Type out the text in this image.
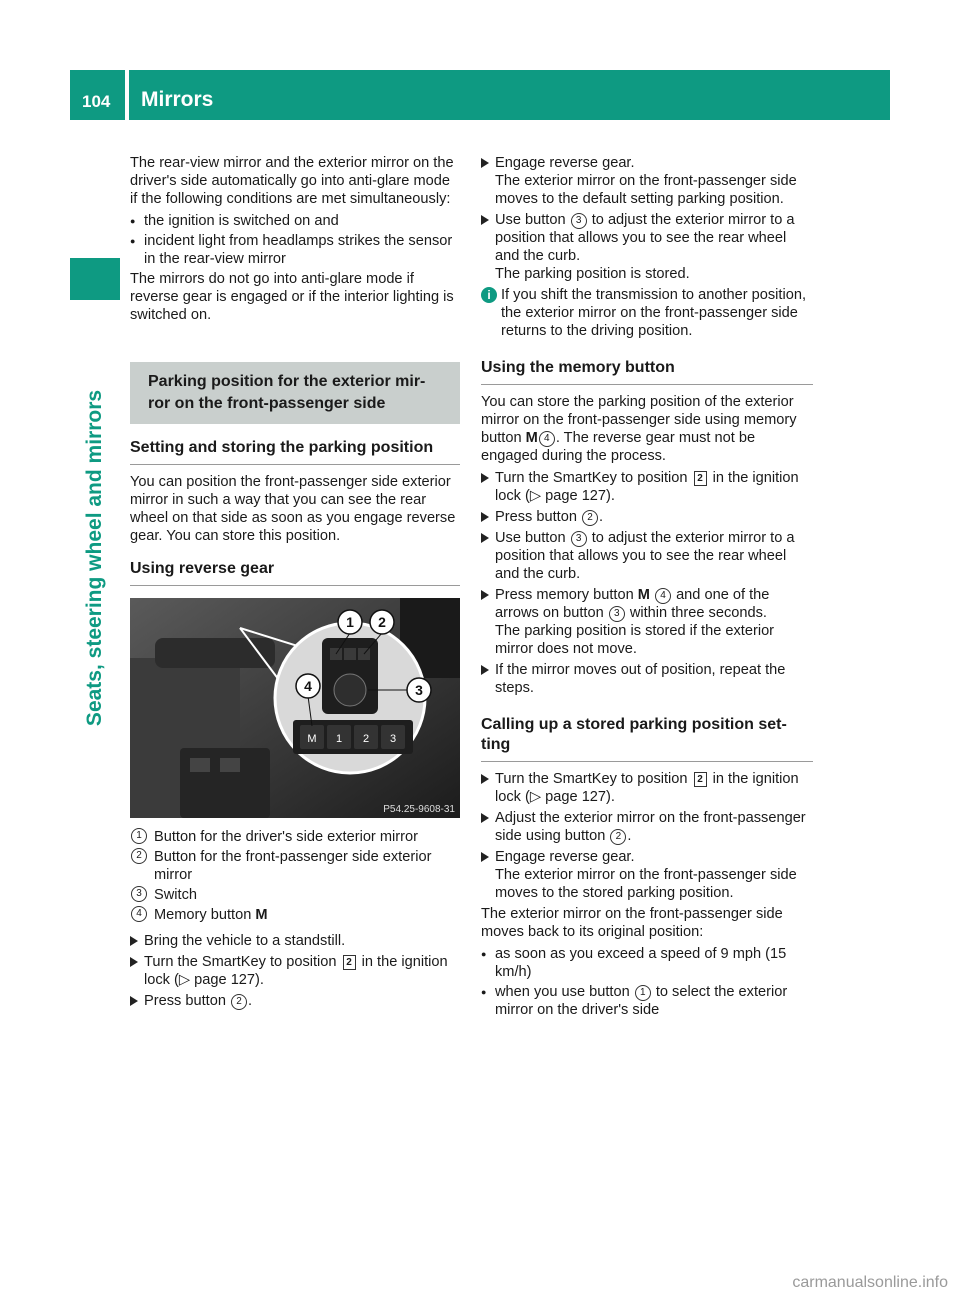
104 Mirrors
Seats, steering wheel and mirrors

The rear-view mirror and the exterior mirror on the driver's side automatically go into anti-glare mode if the following conditions are met simultaneously:

● the ignition is switched on and
● incident light from headlamps strikes the sensor in the rear-view mirror

The mirrors do not go into anti-glare mode if reverse gear is engaged or if the interior lighting is switched on.

Parking position for the exterior mir-
ror on the front-passenger side
Setting and storing the parking position

You can position the front-passenger side exterior mirror in such a way that you can see the rear wheel on that side as soon as you engage reverse gear. You can store this position.

Using reverse gear
M 1 2 3
1 2
3
4
P54.25-9608-31
1 Button for the driver's side exterior mirror
2 Button for the front-passenger side exterior mirror
3 Switch
4 Memory button M
Bring the vehicle to a standstill.
Turn the SmartKey to position 2 in the ignition lock (▷ page 127).
Press button 2 .
Engage reverse gear.
The exterior mirror on the front-passenger side moves to the default setting parking position.
Use button 3 to adjust the exterior mirror to a position that allows you to see the rear wheel and the curb.
The parking position is stored.
i If you shift the transmission to another position, the exterior mirror on the front-passenger side returns to the driving position.
Using the memory button

You can store the parking position of the exterior mirror on the front-passenger side using memory button M 4 . The reverse gear must not be engaged during the process.

Turn the SmartKey to position 2 in the ignition lock (▷ page 127).
Press button 2 .
Use button 3 to adjust the exterior mirror to a position that allows you to see the rear wheel and the curb.
Press memory button M 4 and one of the arrows on button 3 within three seconds.
The parking position is stored if the exterior mirror does not move.
If the mirror moves out of position, repeat the steps.
Calling up a stored parking position set-
ting
Turn the SmartKey to position 2 in the ignition lock (▷ page 127).
Adjust the exterior mirror on the front-passenger side using button 2 .
Engage reverse gear.
The exterior mirror on the front-passenger side moves to the stored parking position.

The exterior mirror on the front-passenger side moves back to its original position:

● as soon as you exceed a speed of 9 mph (15 km/h)
● when you use button 1 to select the exterior mirror on the driver's side
carmanualsonline.info
